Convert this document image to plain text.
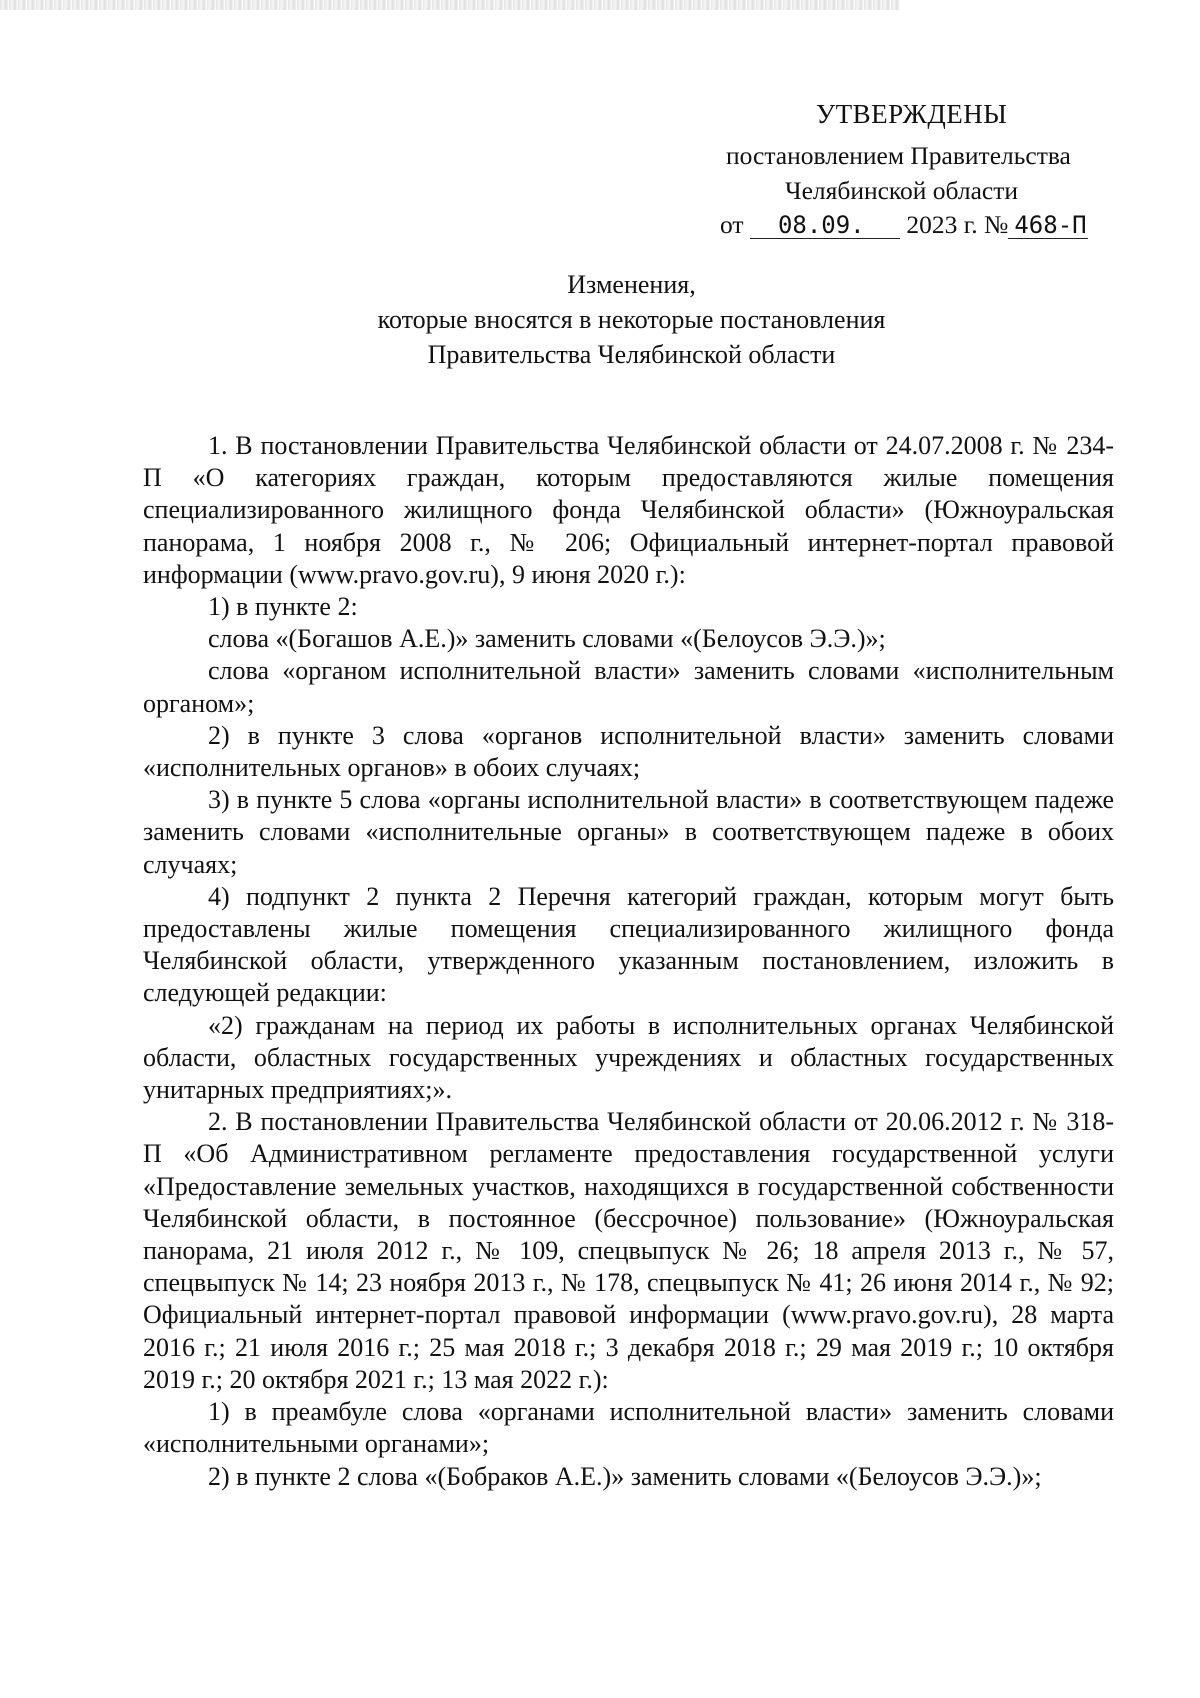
УТВЕРЖДЕНЫ
постановлением Правительства
Челябинской области
от 08.09. 2023 г. № 468-П
Изменения,
которые вносятся в некоторые постановления
Правительства Челябинской области

1. В постановлении Правительства Челябинской области от 24.07.2008 г. № 234-П «О категориях граждан, которым предоставляются жилые помещения специализированного жилищного фонда Челябинской области» (Южноуральская панорама, 1 ноября 2008 г., № 206; Официальный интернет-портал правовой информации (www.pravo.gov.ru), 9 июня 2020 г.):

1) в пункте 2:

слова «(Богашов А.Е.)» заменить словами «(Белоусов Э.Э.)»;

слова «органом исполнительной власти» заменить словами «исполнительным органом»;

2) в пункте 3 слова «органов исполнительной власти» заменить словами «исполнительных органов» в обоих случаях;

3) в пункте 5 слова «органы исполнительной власти» в соответствующем падеже заменить словами «исполнительные органы» в соответствующем падеже в обоих случаях;

4) подпункт 2 пункта 2 Перечня категорий граждан, которым могут быть предоставлены жилые помещения специализированного жилищного фонда Челябинской области, утвержденного указанным постановлением, изложить в следующей редакции:

«2) гражданам на период их работы в исполнительных органах Челябинской области, областных государственных учреждениях и областных государственных унитарных предприятиях;».

2. В постановлении Правительства Челябинской области от 20.06.2012 г. № 318-П «Об Административном регламенте предоставления государственной услуги «Предоставление земельных участков, находящихся в государственной собственности Челябинской области, в постоянное (бессрочное) пользование» (Южноуральская панорама, 21 июля 2012 г., № 109, спецвыпуск № 26; 18 апреля 2013 г., № 57, спецвыпуск № 14; 23 ноября 2013 г., № 178, спецвыпуск № 41; 26 июня 2014 г., № 92; Официальный интернет-портал правовой информации (www.pravo.gov.ru), 28 марта 2016 г.; 21 июля 2016 г.; 25 мая 2018 г.; 3 декабря 2018 г.; 29 мая 2019 г.; 10 октября 2019 г.; 20 октября 2021 г.; 13 мая 2022 г.):

1) в преамбуле слова «органами исполнительной власти» заменить словами «исполнительными органами»;

2) в пункте 2 слова «(Бобраков А.Е.)» заменить словами «(Белоусов Э.Э.)»;
